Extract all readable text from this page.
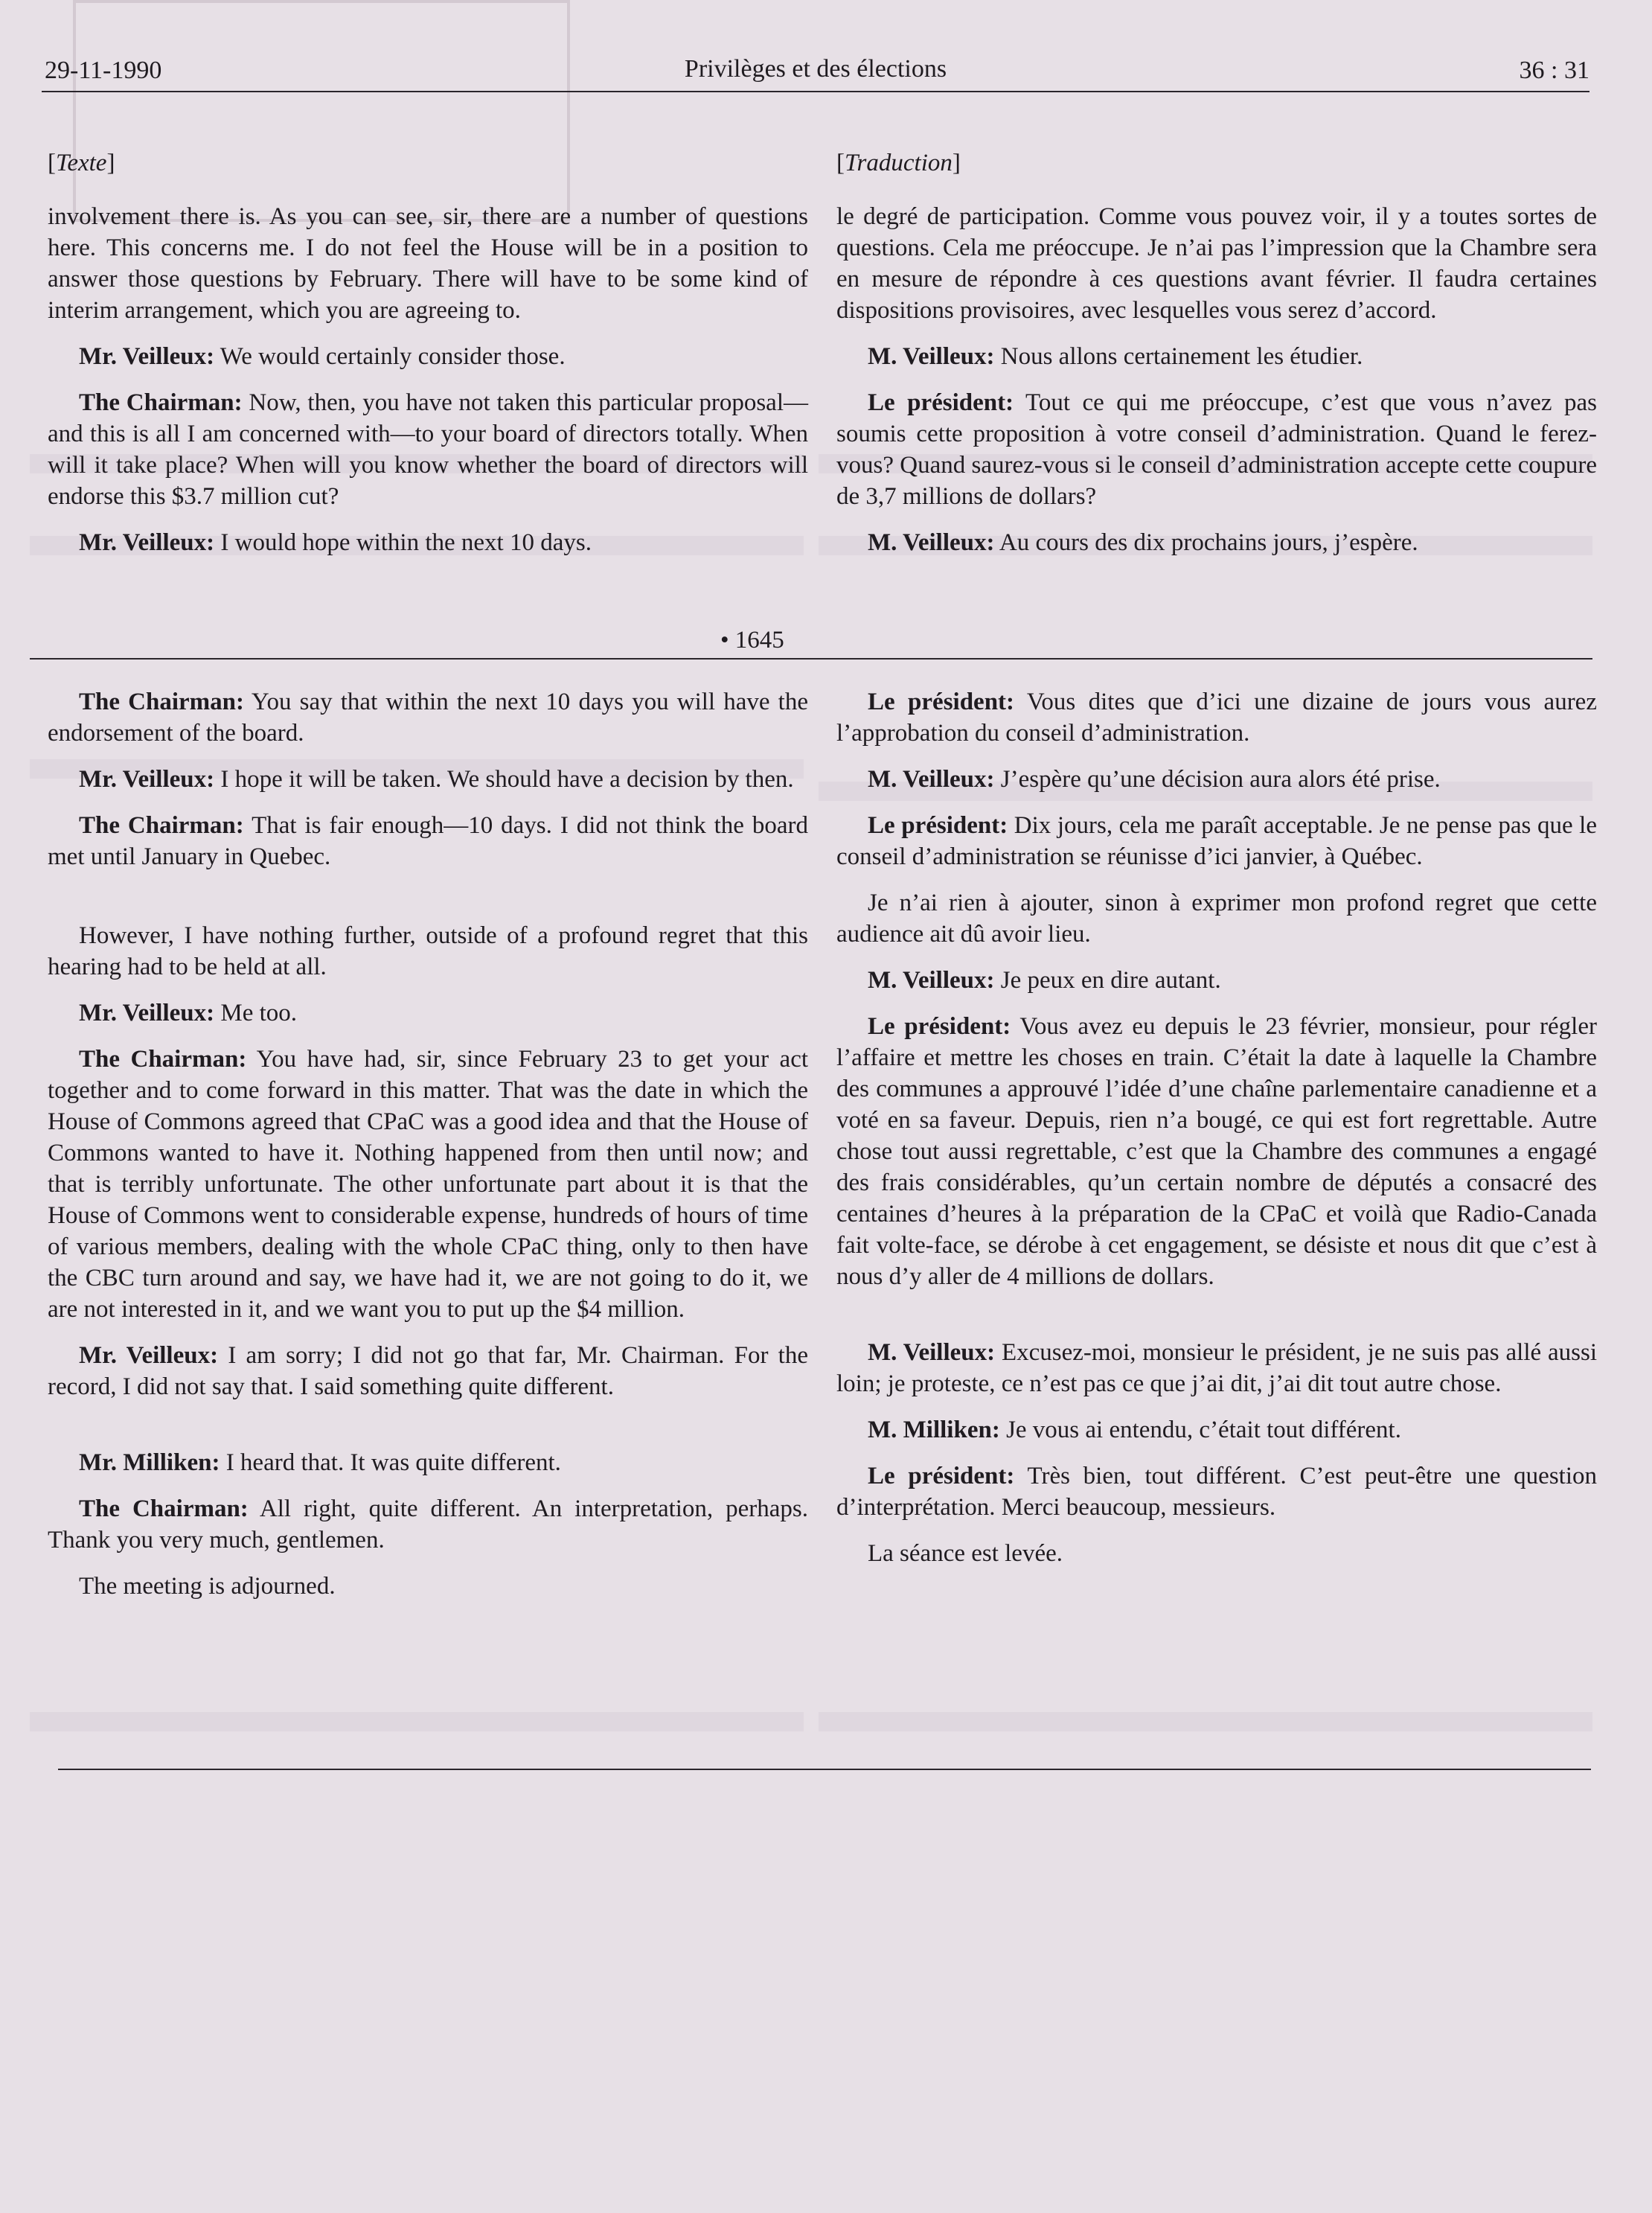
29-11-1990	Privilèges et des élections	36 : 31

[Texte]

involvement there is. As you can see, sir, there are a number of questions here. This concerns me. I do not feel the House will be in a position to answer those questions by February. There will have to be some kind of interim arrangement, which you are agreeing to.

Mr. Veilleux: We would certainly consider those.

The Chairman: Now, then, you have not taken this particular proposal—and this is all I am concerned with—to your board of directors totally. When will it take place? When will you know whether the board of directors will endorse this $3.7 million cut?

Mr. Veilleux: I would hope within the next 10 days.

[Traduction]

le degré de participation. Comme vous pouvez voir, il y a toutes sortes de questions. Cela me préoccupe. Je n’ai pas l’impression que la Chambre sera en mesure de répondre à ces questions avant février. Il faudra certaines dispositions provisoires, avec lesquelles vous serez d’accord.

M. Veilleux: Nous allons certainement les étudier.

Le président: Tout ce qui me préoccupe, c’est que vous n’avez pas soumis cette proposition à votre conseil d’administration. Quand le ferez-vous? Quand saurez-vous si le conseil d’administration accepte cette coupure de 3,7 millions de dollars?

M. Veilleux: Au cours des dix prochains jours, j’espère.

• 1645

The Chairman: You say that within the next 10 days you will have the endorsement of the board.

Mr. Veilleux: I hope it will be taken. We should have a decision by then.

The Chairman: That is fair enough—10 days. I did not think the board met until January in Quebec.

However, I have nothing further, outside of a profound regret that this hearing had to be held at all.

Mr. Veilleux: Me too.

The Chairman: You have had, sir, since February 23 to get your act together and to come forward in this matter. That was the date in which the House of Commons agreed that CPaC was a good idea and that the House of Commons wanted to have it. Nothing happened from then until now; and that is terribly unfortunate. The other unfortunate part about it is that the House of Commons went to considerable expense, hundreds of hours of time of various members, dealing with the whole CPaC thing, only to then have the CBC turn around and say, we have had it, we are not going to do it, we are not interested in it, and we want you to put up the $4 million.

Mr. Veilleux: I am sorry; I did not go that far, Mr. Chairman. For the record, I did not say that. I said something quite different.

Mr. Milliken: I heard that. It was quite different.

The Chairman: All right, quite different. An interpretation, perhaps. Thank you very much, gentlemen.

The meeting is adjourned.

Le président: Vous dites que d’ici une dizaine de jours vous aurez l’approbation du conseil d’administration.

M. Veilleux: J’espère qu’une décision aura alors été prise.

Le président: Dix jours, cela me paraît acceptable. Je ne pense pas que le conseil d’administration se réunisse d’ici janvier, à Québec.

Je n’ai rien à ajouter, sinon à exprimer mon profond regret que cette audience ait dû avoir lieu.

M. Veilleux: Je peux en dire autant.

Le président: Vous avez eu depuis le 23 février, monsieur, pour régler l’affaire et mettre les choses en train. C’était la date à laquelle la Chambre des communes a approuvé l’idée d’une chaîne parlementaire canadienne et a voté en sa faveur. Depuis, rien n’a bougé, ce qui est fort regrettable. Autre chose tout aussi regrettable, c’est que la Chambre des communes a engagé des frais considérables, qu’un certain nombre de députés a consacré des centaines d’heures à la préparation de la CPaC et voilà que Radio-Canada fait volte-face, se dérobe à cet engagement, se désiste et nous dit que c’est à nous d’y aller de 4 millions de dollars.

M. Veilleux: Excusez-moi, monsieur le président, je ne suis pas allé aussi loin; je proteste, ce n’est pas ce que j’ai dit, j’ai dit tout autre chose.

M. Milliken: Je vous ai entendu, c’était tout différent.

Le président: Très bien, tout différent. C’est peut-être une question d’interprétation. Merci beaucoup, messieurs.

La séance est levée.
